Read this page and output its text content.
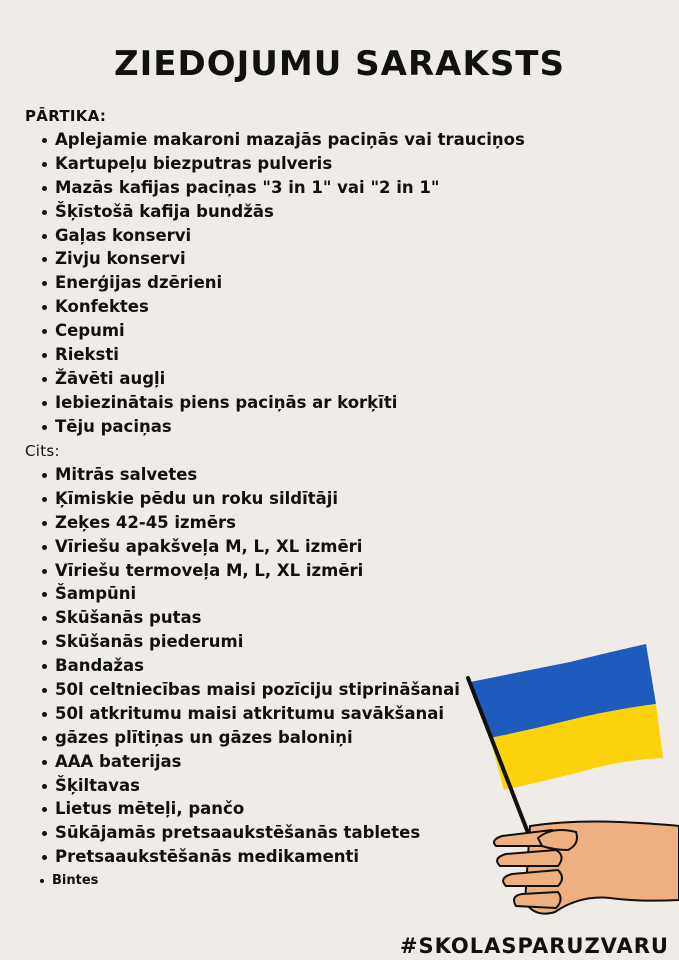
ZIEDOJUMU SARAKSTS
PĀRTIKA:
Aplejamie makaroni mazajās paciņās vai trauciņos
Kartupeļu biezputras pulveris
Mazās kafijas paciņas "3 in 1" vai "2 in 1"
Šķīstošā kafija bundžās
Gaļas konservi
Zivju konservi
Enerģijas dzērieni
Konfektes
Cepumi
Rieksti
Žāvēti augļi
Iebiezinātais piens paciņās ar korķīti
Tēju paciņas
Cits:
Mitrās salvetes
Ķīmiskie pēdu un roku sildītāji
Zeķes 42-45 izmērs
Vīriešu apakšveļa M, L, XL izmēri
Vīriešu termoveļa M, L, XL izmēri
Šampūni
Skūšanās putas
Skūšanās piederumi
Bandažas
50l celtniecības maisi pozīciju stiprināšanai
50l atkritumu maisi atkritumu savākšanai
gāzes plītiņas un gāzes baloniņi
AAA baterijas
Šķiltavas
Lietus mēteļi, pančo
Sūkājamās pretsaaukstēšanās tabletes
Pretsaaukstēšanās medikamenti
Bintes
#SKOLASPARUZVARU
